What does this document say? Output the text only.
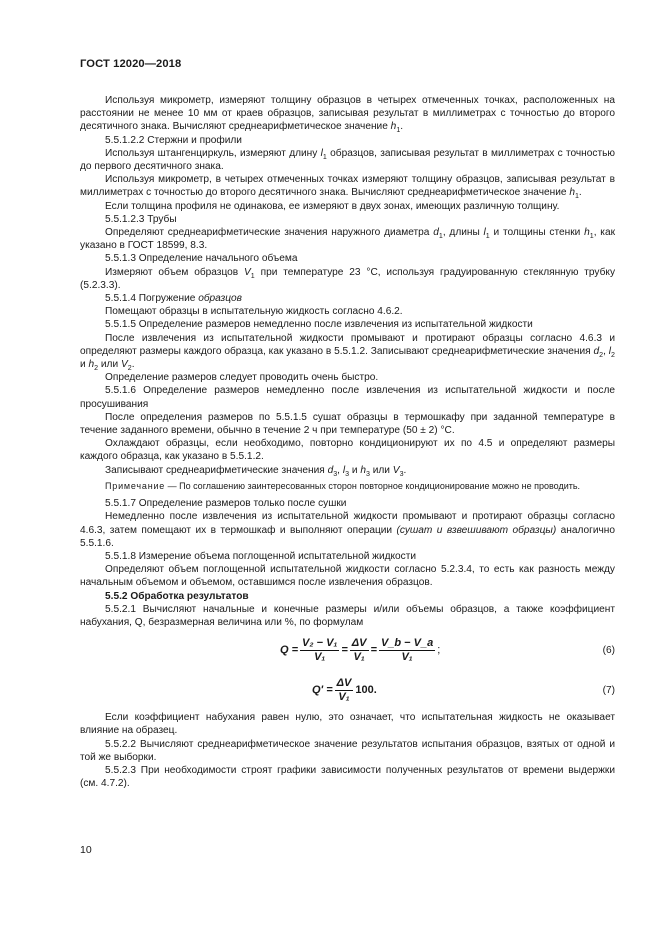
ГОСТ 12020—2018

Используя микрометр, измеряют толщину образцов в четырех отмеченных точках, расположенных на расстоянии не менее 10 мм от краев образцов, записывая результат в миллиметрах с точностью до второго десятичного знака. Вычисляют среднеарифметическое значение $h_1$.

5.5.1.2.2 Стержни и профили

Используя штангенциркуль, измеряют длину $l_1$ образцов, записывая результат в миллиметрах с точностью до первого десятичного знака.

Используя микрометр, в четырех отмеченных точках измеряют толщину образцов, записывая результат в миллиметрах с точностью до второго десятичного знака. Вычисляют среднеарифметическое значение $h_1$.

Если толщина профиля не одинакова, ее измеряют в двух зонах, имеющих различную толщину.

5.5.1.2.3 Трубы

Определяют среднеарифметические значения наружного диаметра $d_1$, длины $l_1$ и толщины стенки $h_1$, как указано в ГОСТ 18599, 8.3.

5.5.1.3 Определение начального объема

Измеряют объем образцов $V_1$ при температуре 23 °С, используя градуированную стеклянную трубку (5.2.3.3).

5.5.1.4 Погружение образцов

Помещают образцы в испытательную жидкость согласно 4.6.2.

5.5.1.5 Определение размеров немедленно после извлечения из испытательной жидкости

После извлечения из испытательной жидкости промывают и протирают образцы согласно 4.6.3 и определяют размеры каждого образца, как указано в 5.5.1.2. Записывают среднеарифметические значения $d_2$, $l_2$ и $h_2$ или $V_2$.

Определение размеров следует проводить очень быстро.

5.5.1.6 Определение размеров немедленно после извлечения из испытательной жидкости и после просушивания

После определения размеров по 5.5.1.5 сушат образцы в термошкафу при заданной температуре в течение заданного времени, обычно в течение 2 ч при температуре (50 ± 2) °С.

Охлаждают образцы, если необходимо, повторно кондиционируют их по 4.5 и определяют размеры каждого образца, как указано в 5.5.1.2.

Записывают среднеарифметические значения $d_3$, $l_3$ и $h_3$ или $V_3$.

Примечание — По соглашению заинтересованных сторон повторное кондиционирование можно не проводить.

5.5.1.7 Определение размеров только после сушки

Немедленно после извлечения из испытательной жидкости промывают и протирают образцы согласно 4.6.3, затем помещают их в термошкаф и выполняют операции (сушат и взвешивают образцы) аналогично 5.5.1.6.

5.5.1.8 Измерение объема поглощенной испытательной жидкости

Определяют объем поглощенной испытательной жидкости согласно 5.2.3.4, то есть как разность между начальным объемом и объемом, оставшимся после извлечения образцов.

5.5.2 Обработка результатов

5.5.2.1 Вычисляют начальные и конечные размеры и/или объемы образцов, а также коэффициент набухания, Q, безразмерная величина или %, по формулам

$Q = \frac{\text{V₂ − V₁}}{\text{V₁}} = \frac{\Delta V}{\text{V₁}} = \frac{V\_b - V\_a}{\text{V₁}}$ ;	(6)
$Q' = \frac{\Delta V}{\text{V₁}} 100$.	(7)

Если коэффициент набухания равен нулю, это означает, что испытательная жидкость не оказывает влияние на образец.

5.5.2.2 Вычисляют среднеарифметическое значение результатов испытания образцов, взятых от одной и той же выборки.

5.5.2.3 При необходимости строят графики зависимости полученных результатов от времени выдержки (см. 4.7.2).

10
